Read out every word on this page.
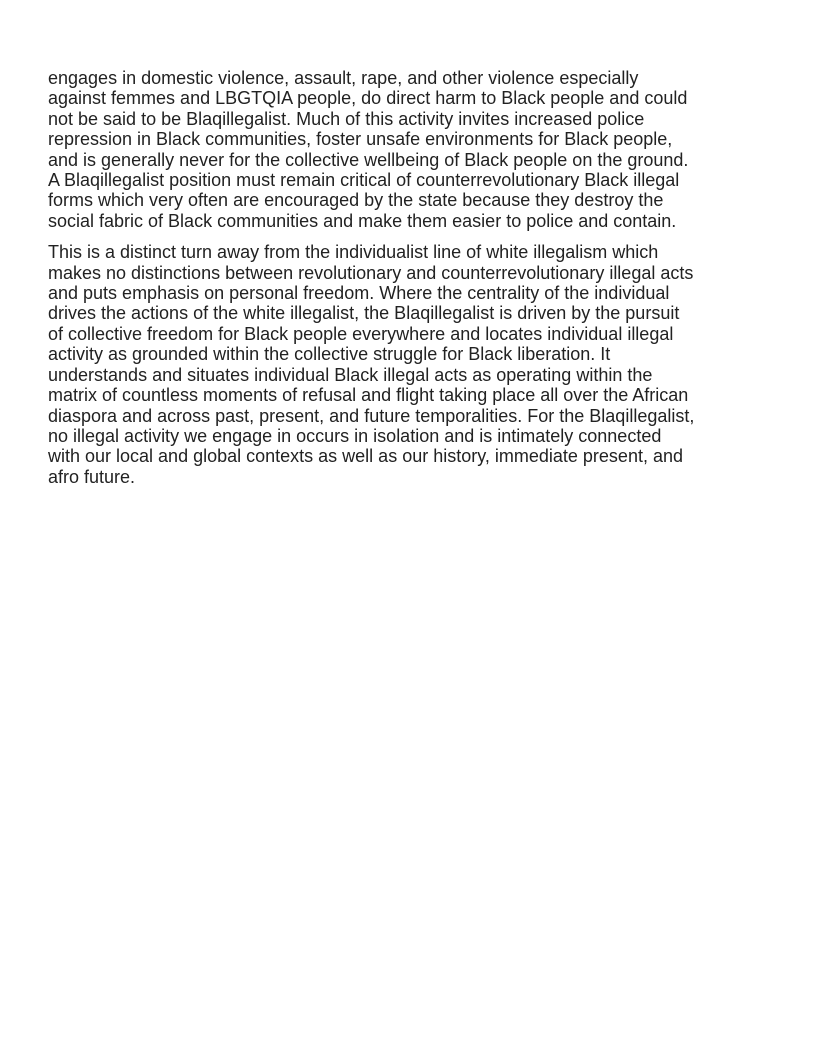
engages in domestic violence, assault, rape, and other violence especially
against femmes and LBGTQIA people, do direct harm to Black people and could
not be said to be Blaqillegalist. Much of this activity invites increased police
repression in Black communities, foster unsafe environments for Black people,
and is generally never for the collective wellbeing of Black people on the ground.
A Blaqillegalist position must remain critical of counterrevolutionary Black illegal
forms which very often are encouraged by the state because they destroy the
social fabric of Black communities and make them easier to police and contain.

This is a distinct turn away from the individualist line of white illegalism which
makes no distinctions between revolutionary and counterrevolutionary illegal acts
and puts emphasis on personal freedom. Where the centrality of the individual
drives the actions of the white illegalist, the Blaqillegalist is driven by the pursuit
of collective freedom for Black people everywhere and locates individual illegal
activity as grounded within the collective struggle for Black liberation. It
understands and situates individual Black illegal acts as operating within the
matrix of countless moments of refusal and flight taking place all over the African
diaspora and across past, present, and future temporalities. For the Blaqillegalist,
no illegal activity we engage in occurs in isolation and is intimately connected
with our local and global contexts as well as our history, immediate present, and
afro future.
